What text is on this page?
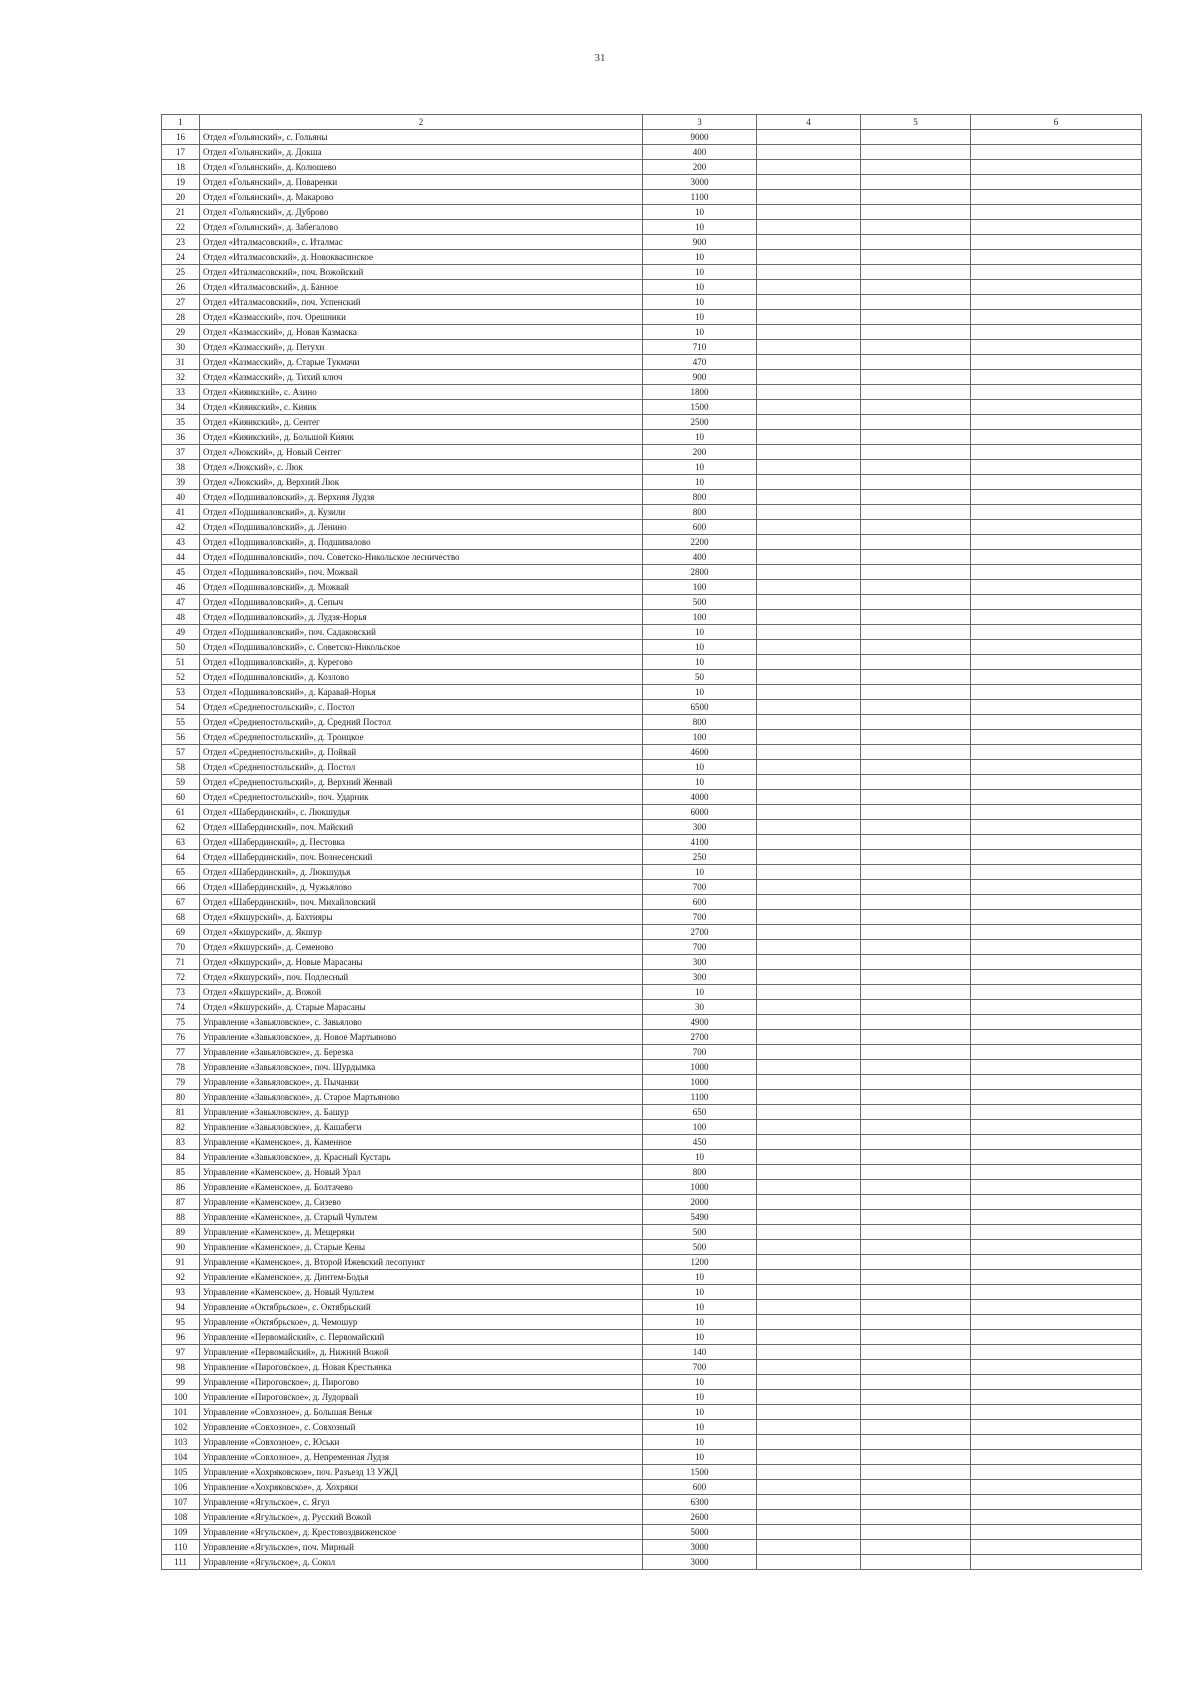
31
1	2	3	4	5	6
16	Отдел «Гольянский», с. Гольяны	9000			
17	Отдел «Гольянский», д. Докша	400			
18	Отдел «Гольянский», д. Колюшево	200			
19	Отдел «Гольянский», д. Поваренки	3000			
20	Отдел «Гольянский», д. Макарово	1100			
21	Отдел «Гольянский», д. Дуброво	10			
22	Отдел «Гольянский», д. Забегалово	10			
23	Отдел «Италмасовский», с. Италмас	900			
24	Отдел «Италмасовский», д. Новоквасинское	10			
25	Отдел «Италмасовский», поч. Вожойский	10			
26	Отдел «Италмасовский», д. Банное	10			
27	Отдел «Италмасовский», поч. Успенский	10			
28	Отдел «Казмасский», поч. Орешники	10			
29	Отдел «Казмасский», д. Новая Казмаска	10			
30	Отдел «Казмасский», д. Петухи	710			
31	Отдел «Казмасский», д. Старые Тукмачи	470			
32	Отдел «Казмасский», д. Тихий ключ	900			
33	Отдел «Кияикский», с. Азино	1800			
34	Отдел «Кияикский», с. Кияик	1500			
35	Отдел «Кияикский», д. Сентег	2500			
36	Отдел «Кияикский», д. Большой Кияик	10			
37	Отдел «Люкский», д. Новый Сентег	200			
38	Отдел «Люкский», с. Люк	10			
39	Отдел «Люкский», д. Верхний Люк	10			
40	Отдел «Подшиваловский», д. Верхняя Лудзя	800			
41	Отдел «Подшиваловский», д. Кузили	800			
42	Отдел «Подшиваловский», д. Ленино	600			
43	Отдел «Подшиваловский», д. Подшивалово	2200			
44	Отдел «Подшиваловский», поч. Советско-Никольское лесничество	400			
45	Отдел «Подшиваловский», поч. Можвай	2800			
46	Отдел «Подшиваловский», д. Можвай	100			
47	Отдел «Подшиваловский», д. Сепыч	500			
48	Отдел «Подшиваловский», д. Лудзя-Норья	100			
49	Отдел «Подшиваловский», поч. Садаковский	10			
50	Отдел «Подшиваловский», с. Советско-Никольское	10			
51	Отдел «Подшиваловский», д. Курегово	10			
52	Отдел «Подшиваловский», д. Козлово	50			
53	Отдел «Подшиваловский», д. Каравай-Норья	10			
54	Отдел «Среднепостольский», с. Постол	6500			
55	Отдел «Среднепостольский», д. Средний Постол	800			
56	Отдел «Среднепостольский», д. Троицкое	100			
57	Отдел «Среднепостольский», д. Пойвай	4600			
58	Отдел «Среднепостольский», д. Постол	10			
59	Отдел «Среднепостольский», д. Верхний Женвай	10			
60	Отдел «Среднепостольский», поч. Ударник	4000			
61	Отдел «Шабердинский», с. Люкшудья	6000			
62	Отдел «Шабердинский», поч. Майский	300			
63	Отдел «Шабердинский», д. Пестовка	4100			
64	Отдел «Шабердинский», поч. Вознесенский	250			
65	Отдел «Шабердинский», д. Люкшудья	10			
66	Отдел «Шабердинский», д. Чужьялово	700			
67	Отдел «Шабердинский», поч. Михайловский	600			
68	Отдел «Якшурский», д. Бахтияры	700			
69	Отдел «Якшурский», д. Якшур	2700			
70	Отдел «Якшурский», д. Семеново	700			
71	Отдел «Якшурский», д. Новые Марасаны	300			
72	Отдел «Якшурский», поч. Подлесный	300			
73	Отдел «Якшурский», д. Вожой	10			
74	Отдел «Якшурский», д. Старые Марасаны	30			
75	Управление «Завьяловское», с. Завьялово	4900			
76	Управление «Завьяловское», д. Новое Мартьяново	2700			
77	Управление «Завьяловское», д. Березка	700			
78	Управление «Завьяловское», поч. Шурдымка	1000			
79	Управление «Завьяловское», д. Пычанки	1000			
80	Управление «Завьяловское», д. Старое Мартьяново	1100			
81	Управление «Завьяловское», д. Башур	650			
82	Управление «Завьяловское», д. Кашабеги	100			
83	Управление «Каменское», д. Каменное	450			
84	Управление «Завьяловское», д. Красный Кустарь	10			
85	Управление «Каменское», д. Новый Урал	800			
86	Управление «Каменское», д. Болтачево	1000			
87	Управление «Каменское», д. Сизево	2000			
88	Управление «Каменское», д. Старый Чультем	5490			
89	Управление «Каменское», д. Мещеряки	500			
90	Управление «Каменское», д. Старые Кены	500			
91	Управление «Каменское», д. Второй Ижевский лесопункт	1200			
92	Управление «Каменское», д. Динтем-Бодья	10			
93	Управление «Каменское», д. Новый Чультем	10			
94	Управление «Октябрьское», с. Октябрьский	10			
95	Управление «Октябрьское», д. Чемошур	10			
96	Управление «Первомайский», с. Первомайский	10			
97	Управление «Первомайский», д. Нижний Вожой	140			
98	Управление «Пироговское», д. Новая Крестьянка	700			
99	Управление «Пироговское», д. Пирогово	10			
100	Управление «Пироговское», д. Лудорвай	10			
101	Управление «Совхозное», д. Большая Венья	10			
102	Управление «Совхозное», с. Совхозный	10			
103	Управление «Совхозное», с. Юськи	10			
104	Управление «Совхозное», д. Непременная Лудзя	10			
105	Управление «Хохряковское», поч. Разъезд 13 УЖД	1500			
106	Управление «Хохряковское», д. Хохряки	600			
107	Управление «Ягульское», с. Ягул	6300			
108	Управление «Ягульское», д. Русский Вожой	2600			
109	Управление «Ягульское», д. Крестовоздвиженское	5000			
110	Управление «Ягульское», поч. Мирный	3000			
111	Управление «Ягульское», д. Сокол	3000			
